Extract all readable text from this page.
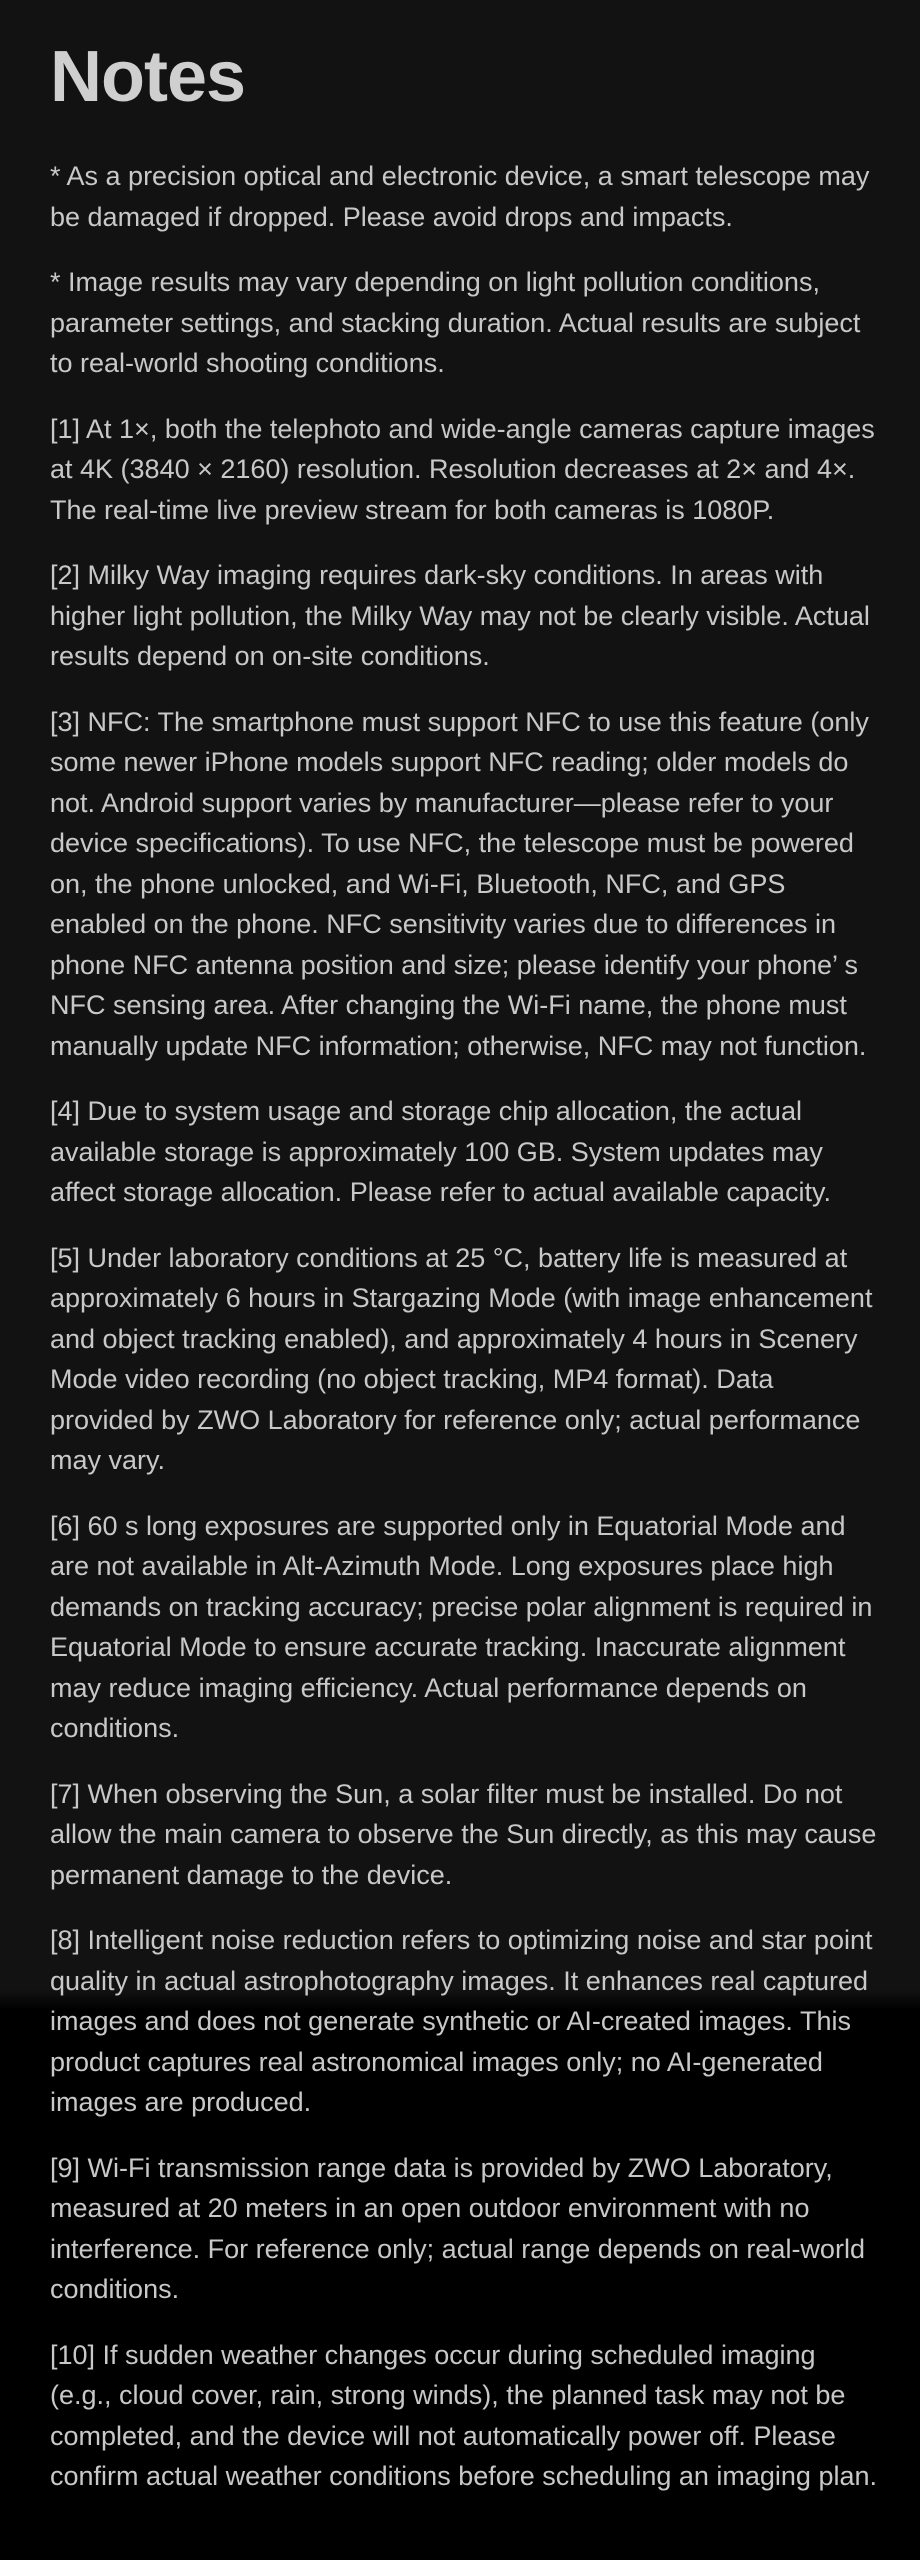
Notes
* As a precision optical and electronic device, a smart telescope may be damaged if dropped. Please avoid drops and impacts.
* Image results may vary depending on light pollution conditions, parameter settings, and stacking duration. Actual results are subject to real-world shooting conditions.
[1] At 1×, both the telephoto and wide-angle cameras capture images at 4K (3840 × 2160) resolution. Resolution decreases at 2× and 4×. The real-time live preview stream for both cameras is 1080P.
[2] Milky Way imaging requires dark-sky conditions. In areas with higher light pollution, the Milky Way may not be clearly visible. Actual results depend on on-site conditions.
[3] NFC: The smartphone must support NFC to use this feature (only some newer iPhone models support NFC reading; older models do not. Android support varies by manufacturer—please refer to your device specifications). To use NFC, the telescope must be powered on, the phone unlocked, and Wi-Fi, Bluetooth, NFC, and GPS enabled on the phone. NFC sensitivity varies due to differences in phone NFC antenna position and size; please identify your phone’ s NFC sensing area. After changing the Wi-Fi name, the phone must manually update NFC information; otherwise, NFC may not function.
[4] Due to system usage and storage chip allocation, the actual available storage is approximately 100 GB. System updates may affect storage allocation. Please refer to actual available capacity.
[5] Under laboratory conditions at 25 °C, battery life is measured at approximately 6 hours in Stargazing Mode (with image enhancement and object tracking enabled), and approximately 4 hours in Scenery Mode video recording (no object tracking, MP4 format). Data provided by ZWO Laboratory for reference only; actual performance may vary.
[6] 60 s long exposures are supported only in Equatorial Mode and are not available in Alt-Azimuth Mode. Long exposures place high demands on tracking accuracy; precise polar alignment is required in Equatorial Mode to ensure accurate tracking. Inaccurate alignment may reduce imaging efficiency. Actual performance depends on conditions.
[7] When observing the Sun, a solar filter must be installed. Do not allow the main camera to observe the Sun directly, as this may cause permanent damage to the device.
[8] Intelligent noise reduction refers to optimizing noise and star point quality in actual astrophotography images. It enhances real captured images and does not generate synthetic or AI-created images. This product captures real astronomical images only; no AI-generated images are produced.
[9] Wi-Fi transmission range data is provided by ZWO Laboratory, measured at 20 meters in an open outdoor environment with no interference. For reference only; actual range depends on real-world conditions.
[10] If sudden weather changes occur during scheduled imaging (e.g., cloud cover, rain, strong winds), the planned task may not be completed, and the device will not automatically power off. Please confirm actual weather conditions before scheduling an imaging plan.
